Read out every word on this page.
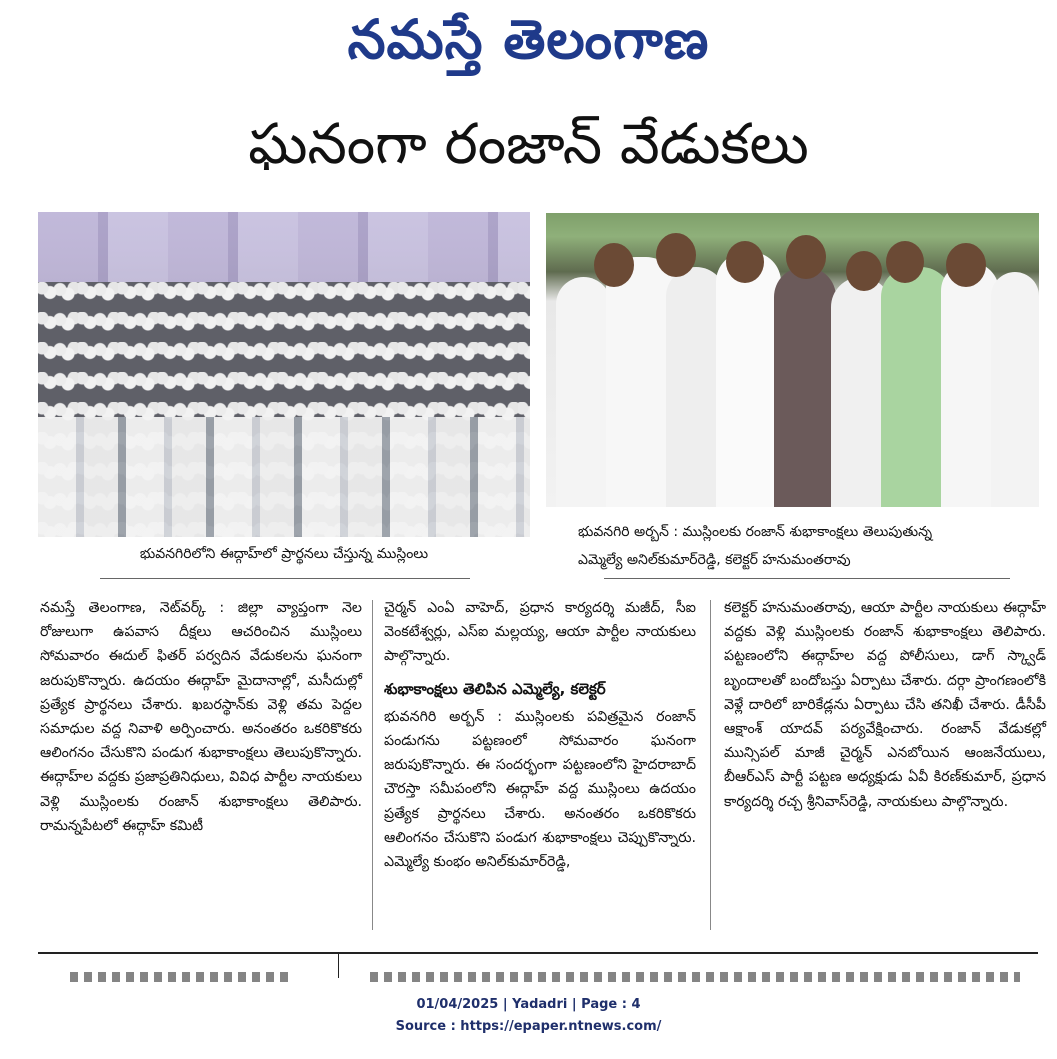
నమస్తే తెలంగాణ
ఘనంగా రంజాన్ వేడుకలు
భువనగిరిలోని ఈద్గాహ్‌లో ప్రార్థనలు చేస్తున్న ముస్లింలు
భువనగిరి అర్బన్ : ముస్లింలకు రంజాన్ శుభాకాంక్షలు తెలుపుతున్న
ఎమ్మెల్యే అనిల్‌కుమార్‌రెడ్డి, కలెక్టర్ హనుమంతరావు
నమస్తే తెలంగాణ, నెట్‌వర్క్ : జిల్లా వ్యాప్తంగా నెల రోజులుగా ఉపవాస దీక్షలు ఆచరించిన ముస్లింలు సోమవారం ఈదుల్ ఫితర్ పర్వదిన వేడుకలను ఘనంగా జరుపుకొన్నారు. ఉదయం ఈద్గాహ్ మైదానాల్లో, మసీదుల్లో ప్రత్యేక ప్రార్థనలు చేశారు. ఖబరస్థాన్‌కు వెళ్లి తమ పెద్దల సమాధుల వద్ద నివాళి అర్పించారు. అనంతరం ఒకరికొకరు ఆలింగనం చేసుకొని పండుగ శుభాకాంక్షలు తెలుపుకొన్నారు. ఈద్గాహ్‌ల వద్దకు ప్రజాప్రతినిధులు, వివిధ పార్టీల నాయకులు వెళ్లి ముస్లింలకు రంజాన్ శుభాకాంక్షలు తెలిపారు. రామన్నపేటలో ఈద్గాహ్ కమిటీ
చైర్మన్ ఎంఏ వాహెద్, ప్రధాన కార్యదర్శి మజీద్, సీఐ వెంకటేశ్వర్లు, ఎస్ఐ మల్లయ్య, ఆయా పార్టీల నాయకులు పాల్గొన్నారు.
శుభాకాంక్షలు తెలిపిన ఎమ్మెల్యే, కలెక్టర్
భువనగిరి అర్బన్ : ముస్లింలకు పవిత్రమైన రంజాన్ పండుగను పట్టణంలో సోమవారం ఘనంగా జరుపుకొన్నారు. ఈ సందర్భంగా పట్టణంలోని హైదరాబాద్ చౌరస్తా సమీపంలోని ఈద్గాహ్ వద్ద ముస్లింలు ఉదయం ప్రత్యేక ప్రార్థనలు చేశారు. అనంతరం ఒకరికొకరు ఆలింగనం చేసుకొని పండుగ శుభాకాంక్షలు చెప్పుకొన్నారు. ఎమ్మెల్యే కుంభం అనిల్‌కుమార్‌రెడ్డి,
కలెక్టర్ హనుమంతరావు, ఆయా పార్టీల నాయకులు ఈద్గాహ్ వద్దకు వెళ్లి ముస్లింలకు రంజాన్ శుభాకాంక్షలు తెలిపారు. పట్టణంలోని ఈద్గాహ్‌ల వద్ద పోలీసులు, డాగ్ స్క్వాడ్ బృందాలతో బందోబస్తు ఏర్పాటు చేశారు. దర్గా ప్రాంగణంలోకి వెళ్లే దారిలో బారికేడ్లను ఏర్పాటు చేసి తనిఖీ చేశారు. డీసీపీ ఆక్షాంశ్ యాదవ్ పర్యవేక్షించారు. రంజాన్ వేడుకల్లో మున్సిపల్ మాజీ చైర్మన్ ఎనబోయిన ఆంజనేయులు, బీఆర్ఎస్ పార్టీ పట్టణ అధ్యక్షుడు ఏవీ కిరణ్‌కుమార్, ప్రధాన కార్యదర్శి రచ్చ శ్రీనివాస్‌రెడ్డి, నాయకులు పాల్గొన్నారు.
01/04/2025 | Yadadri | Page : 4
Source : https://epaper.ntnews.com/
